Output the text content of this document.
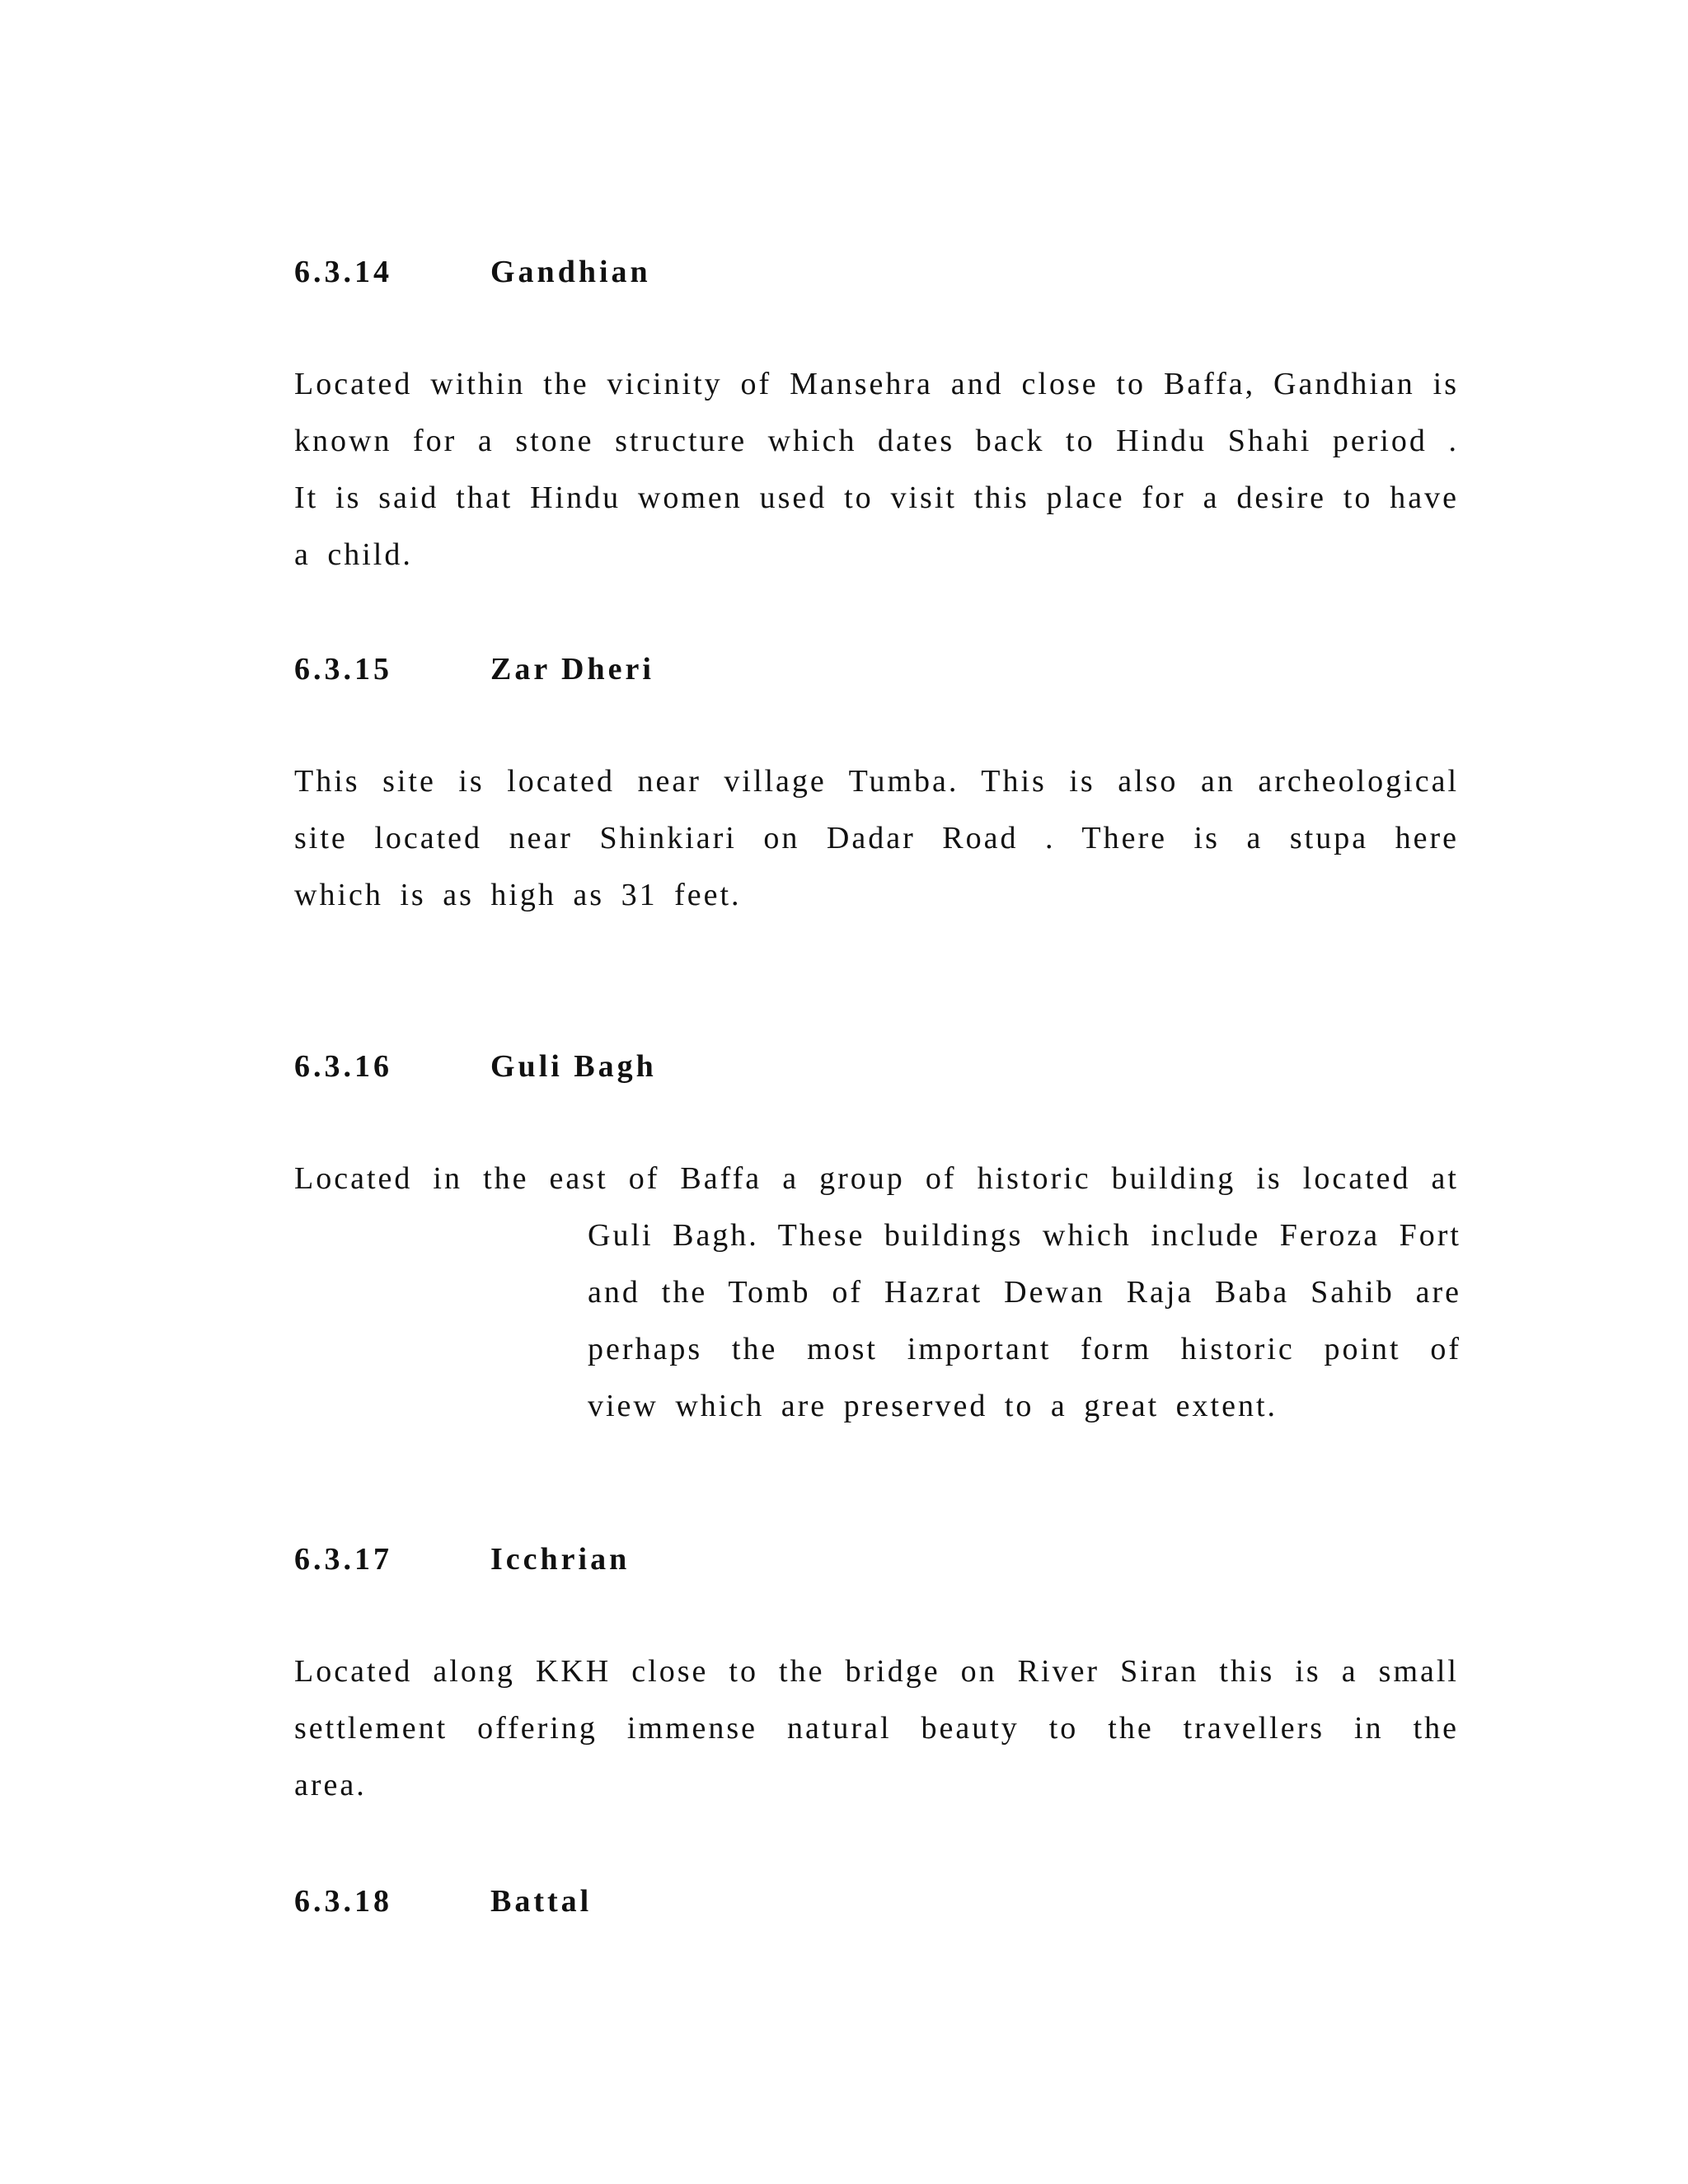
6.3.14	Gandhian
Located within the vicinity of Mansehra and close to Baffa, Gandhian is
known for a stone structure which dates back to Hindu Shahi period .
It is said that Hindu women used to visit this place for a desire to have
a child.
6.3.15	Zar Dheri
This site is located near village Tumba. This is also an archeological
site located near Shinkiari on Dadar Road . There is a stupa here
which is as high as 31 feet.
6.3.16	Guli Bagh
Located in the east of Baffa a group of historic building is located at
Guli Bagh. These buildings which include Feroza Fort
and the Tomb of Hazrat Dewan Raja Baba Sahib are
perhaps the most important form historic point of
view which are preserved to a great extent.
6.3.17	Icchrian
Located along KKH close to the bridge on River Siran this is a small
settlement offering immense natural beauty to the travellers in the
area.
6.3.18	Battal
